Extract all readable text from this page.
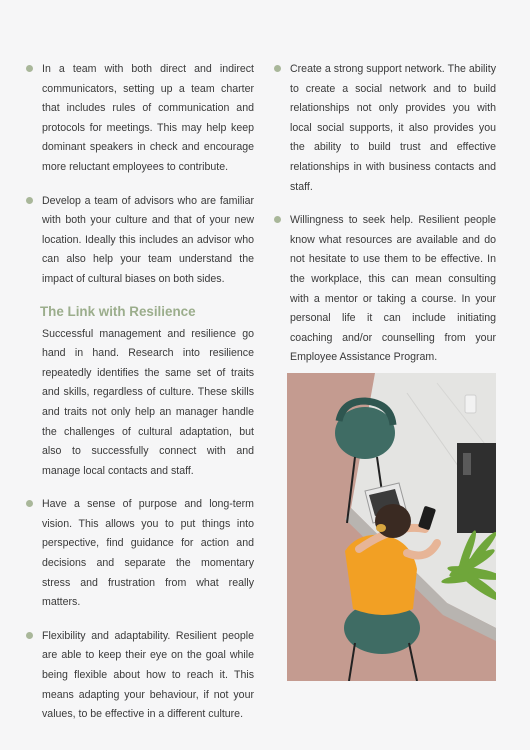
In a team with both direct and indirect communicators, setting up a team charter that includes rules of communication and protocols for meetings. This may help keep dominant speakers in check and encourage more reluctant employees to contribute.

Develop a team of advisors who are familiar with both your culture and that of your new location. Ideally this includes an advisor who can also help your team understand the impact of cultural biases on both sides.

The Link with Resilience

Successful management and resilience go hand in hand. Research into resilience repeatedly identifies the same set of traits and skills, regardless of culture. These skills and traits not only help an manager handle the challenges of cultural adaptation, but also to successfully connect with and manage local contacts and staff.

Have a sense of purpose and long-term vision. This allows you to put things into perspective, find guidance for action and decisions and separate the momentary stress and frustration from what really matters.

Flexibility and adaptability. Resilient people are able to keep their eye on the goal while being flexible about how to reach it. This means adapting your behaviour, if not your values, to be effective in a different culture.

Create a strong support network. The ability to create a social network and to build relationships not only provides you with local social supports, it also provides you the ability to build trust and effective relationships in with business contacts and staff.

Willingness to seek help. Resilient people know what resources are available and do not hesitate to use them to be effective. In the workplace, this can mean consulting with a mentor or taking a course. In your personal life it can include initiating coaching and/or counselling from your Employee Assistance Program.
